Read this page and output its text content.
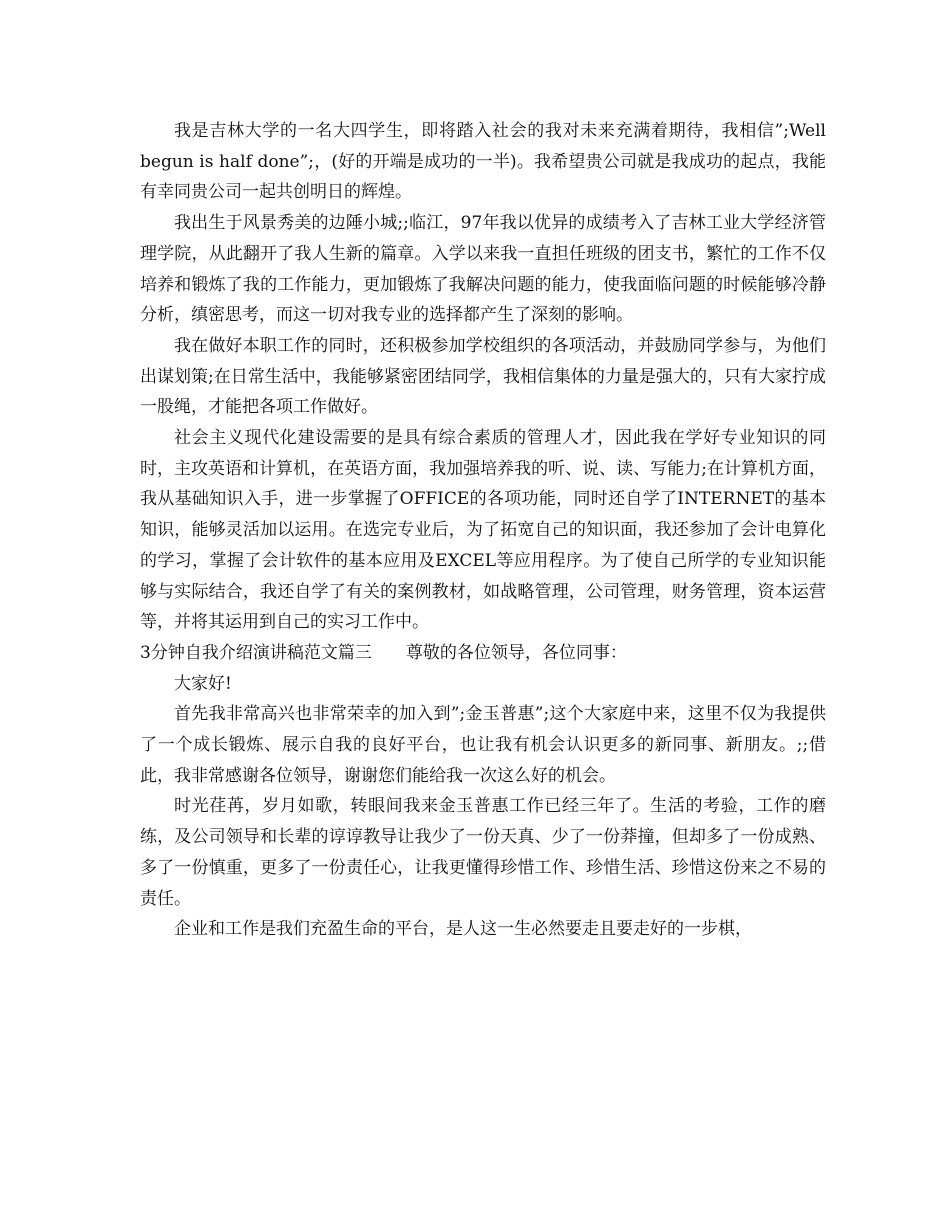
我是吉林大学的一名大四学生，即将踏入社会的我对未来充满着期待，我相信”;Well begun is half done”;，(好的开端是成功的一半)。我希望贵公司就是我成功的起点，我能有幸同贵公司一起共创明日的辉煌。

我出生于风景秀美的边陲小城;;临江，97年我以优异的成绩考入了吉林工业大学经济管理学院，从此翻开了我人生新的篇章。入学以来我一直担任班级的团支书，繁忙的工作不仅培养和锻炼了我的工作能力，更加锻炼了我解决问题的能力，使我面临问题的时候能够冷静分析，缜密思考，而这一切对我专业的选择都产生了深刻的影响。

我在做好本职工作的同时，还积极参加学校组织的各项活动，并鼓励同学参与，为他们出谋划策;在日常生活中，我能够紧密团结同学，我相信集体的力量是强大的，只有大家拧成一股绳，才能把各项工作做好。

社会主义现代化建设需要的是具有综合素质的管理人才，因此我在学好专业知识的同时，主攻英语和计算机，在英语方面，我加强培养我的听、说、读、写能力;在计算机方面，我从基础知识入手，进一步掌握了OFFICE的各项功能，同时还自学了INTERNET的基本知识，能够灵活加以运用。在选完专业后，为了拓宽自己的知识面，我还参加了会计电算化的学习，掌握了会计软件的基本应用及EXCEL等应用程序。为了使自己所学的专业知识能够与实际结合，我还自学了有关的案例教材，如战略管理，公司管理，财务管理，资本运营等，并将其运用到自己的实习工作中。

3分钟自我介绍演讲稿范文篇三　　尊敬的各位领导，各位同事：

大家好!

首先我非常高兴也非常荣幸的加入到”;金玉普惠”;这个大家庭中来，这里不仅为我提供了一个成长锻炼、展示自我的良好平台，也让我有机会认识更多的新同事、新朋友。;;借此，我非常感谢各位领导，谢谢您们能给我一次这么好的机会。

时光荏苒，岁月如歌，转眼间我来金玉普惠工作已经三年了。生活的考验，工作的磨练，及公司领导和长辈的谆谆教导让我少了一份天真、少了一份莽撞，但却多了一份成熟、多了一份慎重，更多了一份责任心，让我更懂得珍惜工作、珍惜生活、珍惜这份来之不易的责任。

企业和工作是我们充盈生命的平台，是人这一生必然要走且要走好的一步棋，
